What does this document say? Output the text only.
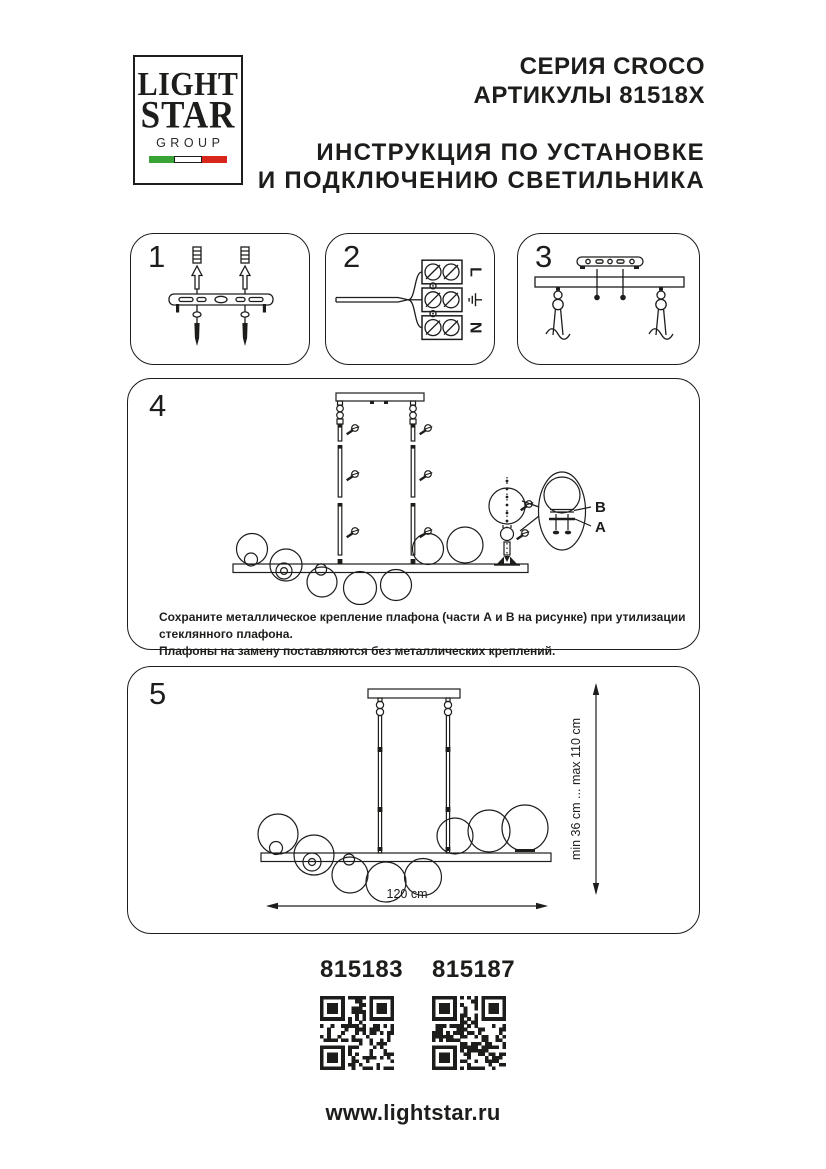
LIGHT
STAR
GROUP
СЕРИЯ CROCO
АРТИКУЛЫ 81518X
ИНСТРУКЦИЯ ПО УСТАНОВКЕ
И ПОДКЛЮЧЕНИЮ СВЕТИЛЬНИКА
1	2	L
N
3
4
B
A
Сохраните металлическое крепление плафона (части А и В на рисунке) при утилизации стеклянного плафона.
Плафоны на замену поставляются без металлических креплений.
5
120 cm
min 36 cm ... max 110 cm
815183 815187
www.lightstar.ru
